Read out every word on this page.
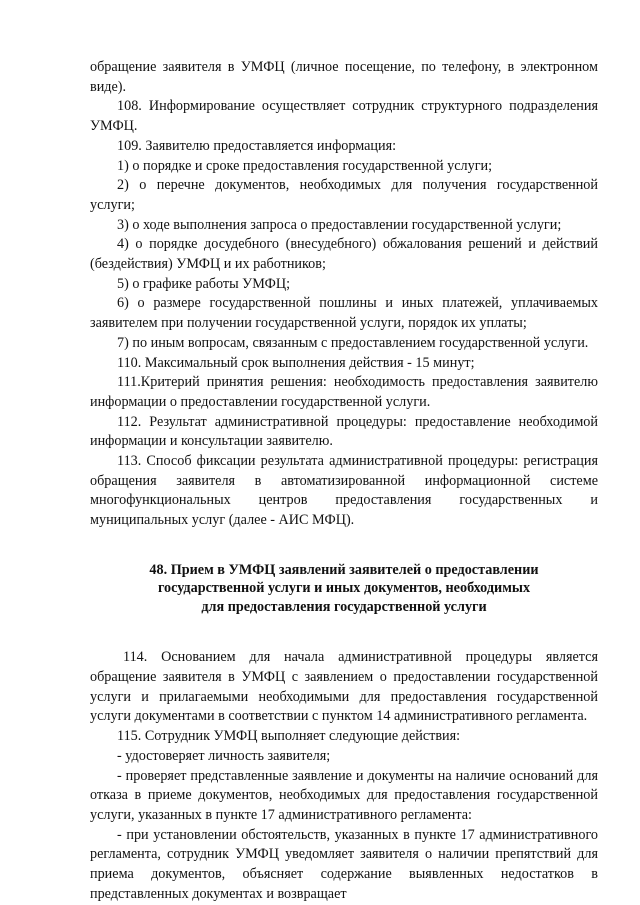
обращение заявителя в УМФЦ (личное посещение, по телефону, в электронном виде).

108. Информирование осуществляет сотрудник структурного подразделения УМФЦ.

109. Заявителю предоставляется информация:

1) о порядке и сроке предоставления государственной услуги;

2) о перечне документов, необходимых для получения государственной услуги;

3) о ходе выполнения запроса о предоставлении государственной услуги;

4) о порядке досудебного (внесудебного) обжалования решений и действий (бездействия) УМФЦ и их работников;

5) о графике работы УМФЦ;

6) о размере государственной пошлины и иных платежей, уплачиваемых заявителем при получении государственной услуги, порядок их уплаты;

7) по иным вопросам, связанным с предоставлением государственной услуги.

110. Максимальный срок выполнения действия - 15 минут;

111.Критерий принятия решения: необходимость предоставления заявителю информации о предоставлении государственной услуги.

112. Результат административной процедуры: предоставление необходимой информации и консультации заявителю.

113. Способ фиксации результата административной процедуры: регистрация обращения заявителя в автоматизированной информационной системе многофункциональных центров предоставления государственных и муниципальных услуг (далее - АИС МФЦ).

48. Прием в УМФЦ заявлений заявителей о предоставлении
государственной услуги и иных документов, необходимых
для предоставления государственной услуги

114. Основанием для начала административной процедуры является обращение заявителя в УМФЦ с заявлением о предоставлении государственной услуги и прилагаемыми необходимыми для предоставления государственной услуги документами в соответствии с пунктом 14 административного регламента.

115. Сотрудник УМФЦ выполняет следующие действия:

- удостоверяет личность заявителя;

- проверяет представленные заявление и документы на наличие оснований для отказа в приеме документов, необходимых для предоставления государственной услуги, указанных в пункте 17 административного регламента:

- при установлении обстоятельств, указанных в пункте 17 административного регламента, сотрудник УМФЦ уведомляет заявителя о наличии препятствий для приема документов, объясняет содержание выявленных недостатков в представленных документах и возвращает
